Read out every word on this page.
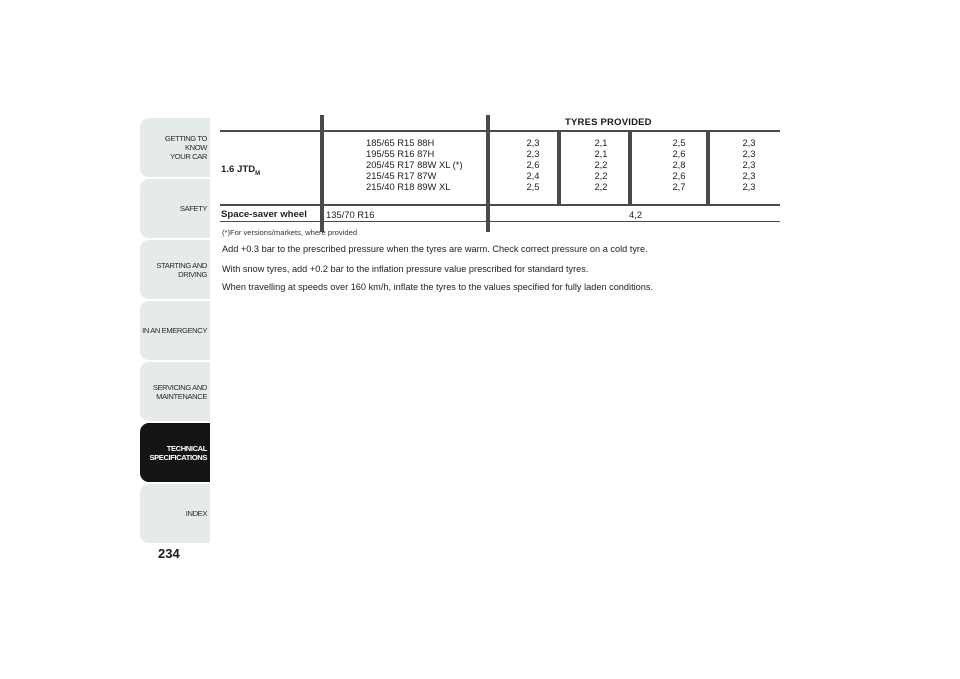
GETTING TO KNOW
YOUR CAR
SAFETY
STARTING AND
DRIVING
IN AN EMERGENCY
SERVICING AND
MAINTENANCE
TECHNICAL
SPECIFICATIONS
INDEX
234
TYRES PROVIDED
1.6 $JTD_M$
185/65 R15 88H
195/55 R16 87H
205/45 R17 88W XL (*)
215/45 R17 87W
215/40 R18 89W XL
2,3
2,3
2,6
2,4
2,5
2,1
2,1
2,2
2,2
2,2
2,5
2,6
2,8
2,6
2,7
2,3
2,3
2,3
2,3
2,3
Space-saver wheel 135/70 R16	4,2
(*)For versions/markets, where provided
Add +0.3 bar to the prescribed pressure when the tyres are warm. Check correct pressure on a cold tyre.
With snow tyres, add +0.2 bar to the inflation pressure value prescribed for standard tyres.
When travelling at speeds over 160 km/h, inflate the tyres to the values specified for fully laden conditions.
